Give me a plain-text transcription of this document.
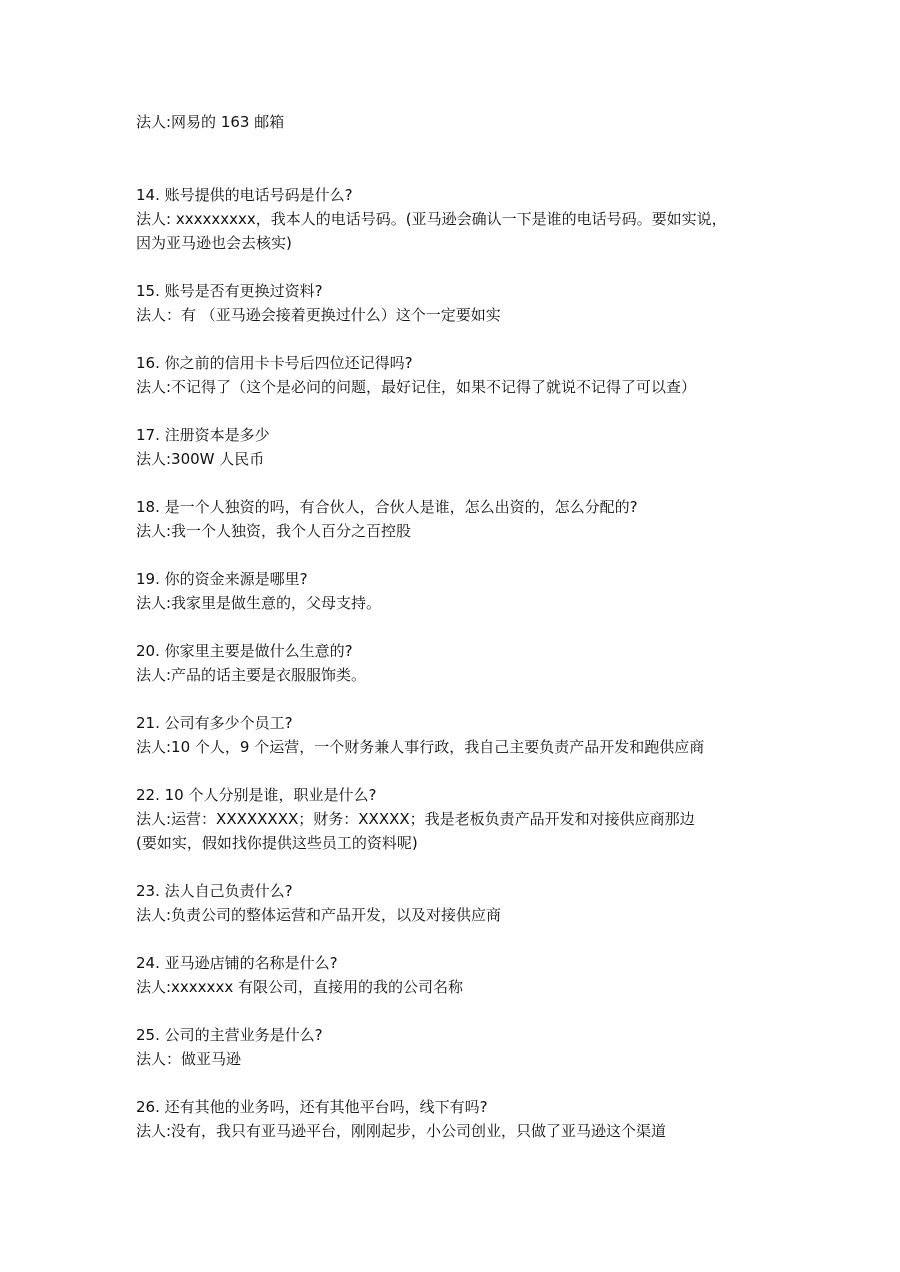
法人:网易的 163 邮箱
14. 账号提供的电话号码是什么?
法人: xxxxxxxxx，我本人的电话号码。(亚马逊会确认一下是谁的电话号码。要如实说，
因为亚马逊也会去核实)
15. 账号是否有更换过资料?
法人：有 （亚马逊会接着更换过什么）这个一定要如实
16. 你之前的信用卡卡号后四位还记得吗?
法人:不记得了（这个是必问的问题，最好记住，如果不记得了就说不记得了可以查）
17. 注册资本是多少
法人:300W 人民币
18. 是一个人独资的吗，有合伙人，合伙人是谁，怎么出资的，怎么分配的?
法人:我一个人独资，我个人百分之百控股
19. 你的资金来源是哪里?
法人:我家里是做生意的，父母支持。
20. 你家里主要是做什么生意的?
法人:产品的话主要是衣服服饰类。
21. 公司有多少个员工?
法人:10 个人，9 个运营，一个财务兼人事行政，我自己主要负责产品开发和跑供应商
22. 10 个人分别是谁，职业是什么?
法人:运营：XXXXXXXX；财务：XXXXX；我是老板负责产品开发和对接供应商那边
(要如实，假如找你提供这些员工的资料呢)
23. 法人自己负责什么?
法人:负责公司的整体运营和产品开发，以及对接供应商
24. 亚马逊店铺的名称是什么?
法人:xxxxxxx 有限公司，直接用的我的公司名称
25. 公司的主营业务是什么?
法人：做亚马逊
26. 还有其他的业务吗，还有其他平台吗，线下有吗?
法人:没有，我只有亚马逊平台，刚刚起步，小公司创业，只做了亚马逊这个渠道
